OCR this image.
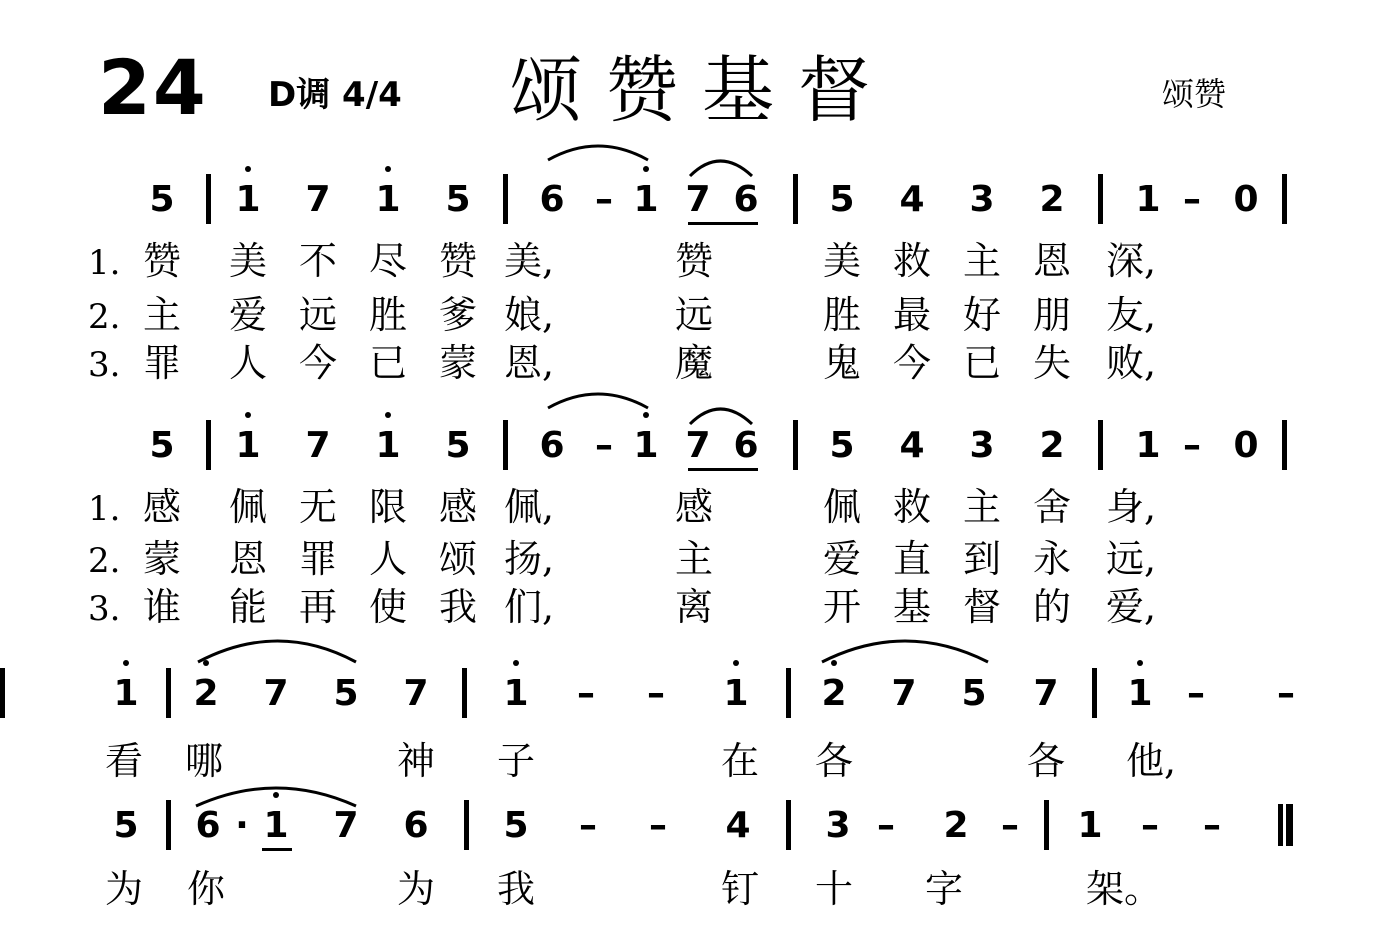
24 D调 4/4 颂赞基督	颂赞
5 1 7 1 5 6 – 1 7 6 5 4 3 2 1 – 0
5 1 7 1 5 6 – 1 7 6 5 4 3 2 1 – 0
1 2 7 5 7 1	–	–	1 2 7 5 7 1 –	–
5 6 · 1 7 6 5	–	–	4 3 –	2 –	1	–	–
1. 赞 美 不 尽 赞 美,	赞	美 救 主 恩 深,
2. 主 爱 远 胜 爹 娘,	远	胜 最 好 朋 友,
3. 罪 人 今 已 蒙 恩,	魔	鬼 今 已 失 败,
1. 感 佩 无 限 感 佩,	感	佩 救 主 舍 身,
2. 蒙 恩 罪 人 颂 扬,	主	爱 直 到 永 远,
3. 谁 能 再 使 我 们,	离	开 基 督 的 爱,
看 哪	神 子	在 各	各 他,
为 你	为 我	钉 十 字	架。
